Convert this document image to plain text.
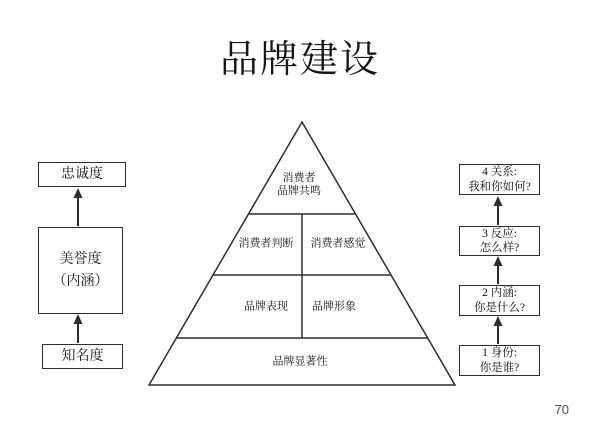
品牌建设
忠诚度
美誉度
（内涵）
知名度
消费者
品牌共鸣
消费者判断 消费者感觉
品牌表现 品牌形象
品牌显著性
4 关系:
我和你如何?
3 反应:
怎么样?
2 内涵:
你是什么?
1 身份:
你是谁?
70
